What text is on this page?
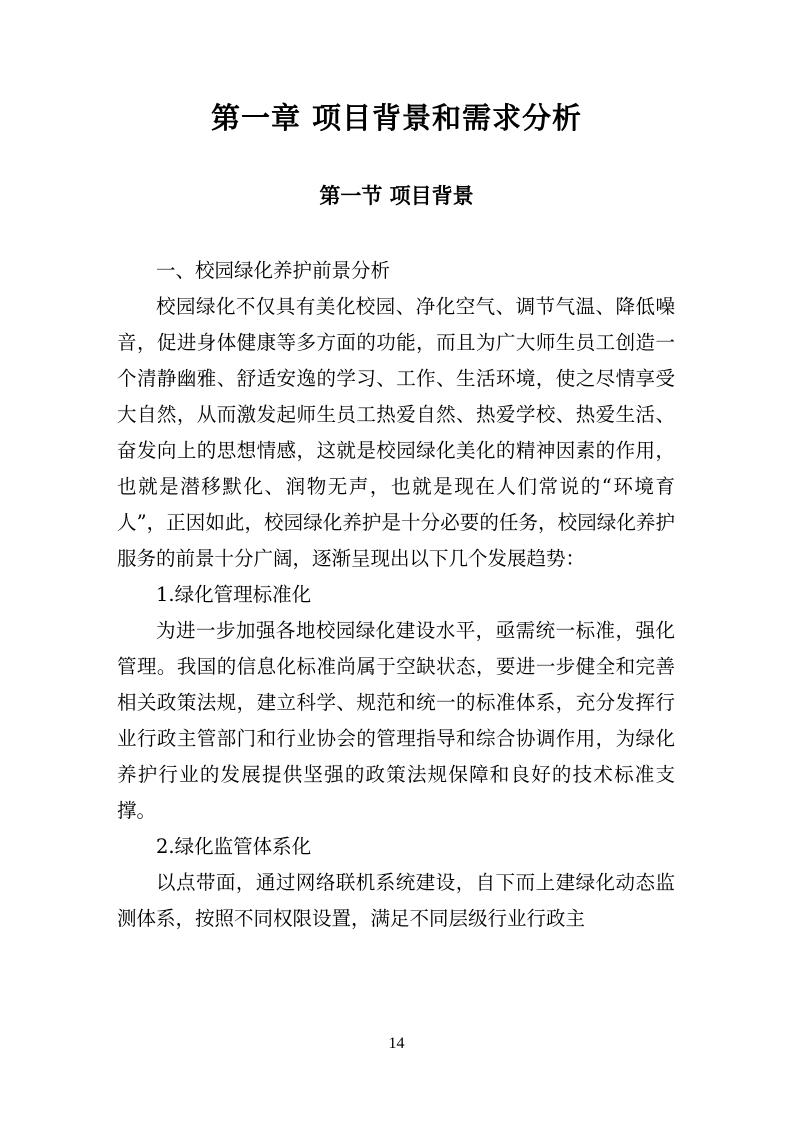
第一章 项目背景和需求分析
第一节 项目背景

一、校园绿化养护前景分析

校园绿化不仅具有美化校园、净化空气、调节气温、降低噪音，促进身体健康等多方面的功能，而且为广大师生员工创造一个清静幽雅、舒适安逸的学习、工作、生活环境，使之尽情享受大自然，从而激发起师生员工热爱自然、热爱学校、热爱生活、奋发向上的思想情感，这就是校园绿化美化的精神因素的作用，也就是潜移默化、润物无声，也就是现在人们常说的“环境育人”，正因如此，校园绿化养护是十分必要的任务，校园绿化养护服务的前景十分广阔，逐渐呈现出以下几个发展趋势：

1.绿化管理标准化

为进一步加强各地校园绿化建设水平，亟需统一标准，强化管理。我国的信息化标准尚属于空缺状态，要进一步健全和完善相关政策法规，建立科学、规范和统一的标准体系，充分发挥行业行政主管部门和行业协会的管理指导和综合协调作用，为绿化养护行业的发展提供坚强的政策法规保障和良好的技术标准支撑。

2.绿化监管体系化

以点带面，通过网络联机系统建设，自下而上建绿化动态监测体系，按照不同权限设置，满足不同层级行业行政主

14
